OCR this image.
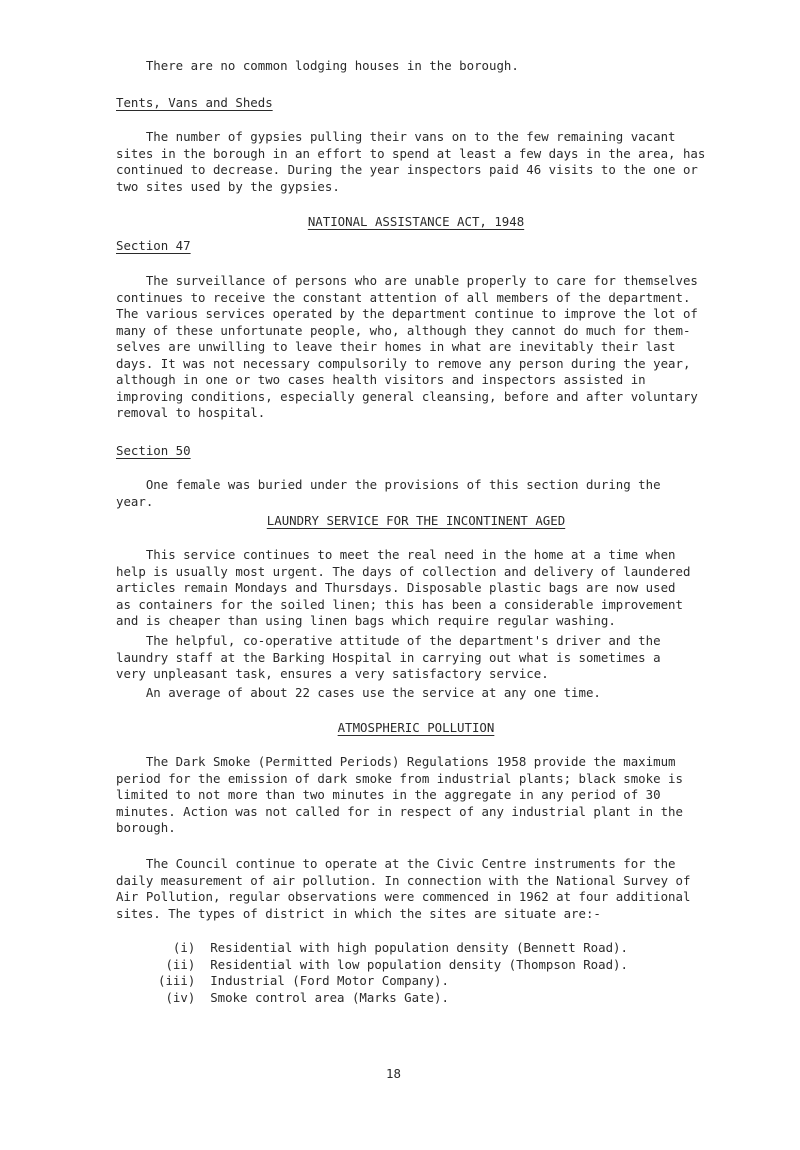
There are no common lodging houses in the borough.

Tents, Vans and Sheds

The number of gypsies pulling their vans on to the few remaining vacant
sites in the borough in an effort to spend at least a few days in the area, has
continued to decrease. During the year inspectors paid 46 visits to the one or
two sites used by the gypsies.

NATIONAL ASSISTANCE ACT, 1948

Section 47

The surveillance of persons who are unable properly to care for themselves
continues to receive the constant attention of all members of the department.
The various services operated by the department continue to improve the lot of
many of these unfortunate people, who, although they cannot do much for them-
selves are unwilling to leave their homes in what are inevitably their last
days. It was not necessary compulsorily to remove any person during the year,
although in one or two cases health visitors and inspectors assisted in
improving conditions, especially general cleansing, before and after voluntary
removal to hospital.

Section 50

One female was buried under the provisions of this section during the
year.

LAUNDRY SERVICE FOR THE INCONTINENT AGED

This service continues to meet the real need in the home at a time when
help is usually most urgent. The days of collection and delivery of laundered
articles remain Mondays and Thursdays. Disposable plastic bags are now used
as containers for the soiled linen; this has been a considerable improvement
and is cheaper than using linen bags which require regular washing.

The helpful, co-operative attitude of the department's driver and the
laundry staff at the Barking Hospital in carrying out what is sometimes a
very unpleasant task, ensures a very satisfactory service.

An average of about 22 cases use the service at any one time.

ATMOSPHERIC POLLUTION

The Dark Smoke (Permitted Periods) Regulations 1958 provide the maximum
period for the emission of dark smoke from industrial plants; black smoke is
limited to not more than two minutes in the aggregate in any period of 30
minutes. Action was not called for in respect of any industrial plant in the
borough.

The Council continue to operate at the Civic Centre instruments for the
daily measurement of air pollution. In connection with the National Survey of
Air Pollution, regular observations were commenced in 1962 at four additional
sites. The types of district in which the sites are situate are:-

(i)  Residential with high population density (Bennett Road).
(ii)  Residential with low population density (Thompson Road).
(iii)  Industrial (Ford Motor Company).
(iv)  Smoke control area (Marks Gate).
18
